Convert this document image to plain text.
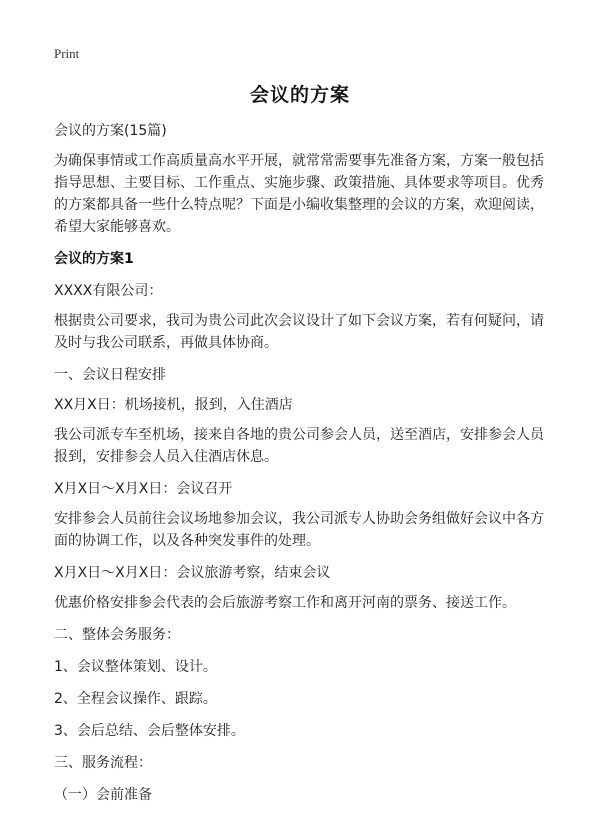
Print
会议的方案
会议的方案(15篇)

为确保事情或工作高质量高水平开展，就常常需要事先准备方案，方案一般包括指导思想、主要目标、工作重点、实施步骤、政策措施、具体要求等项目。优秀的方案都具备一些什么特点呢？下面是小编收集整理的会议的方案，欢迎阅读，希望大家能够喜欢。

会议的方案1

XXXX有限公司：

根据贵公司要求，我司为贵公司此次会议设计了如下会议方案，若有何疑问，请及时与我公司联系，再做具体协商。

一、会议日程安排

XX月X日：机场接机，报到，入住酒店

我公司派专车至机场，接来自各地的贵公司参会人员，送至酒店，安排参会人员报到，安排参会人员入住酒店休息。

X月X日～X月X日：会议召开

安排参会人员前往会议场地参加会议，我公司派专人协助会务组做好会议中各方面的协调工作，以及各种突发事件的处理。

X月X日～X月X日：会议旅游考察，结束会议

优惠价格安排参会代表的会后旅游考察工作和离开河南的票务、接送工作。

二、整体会务服务：

1、会议整体策划、设计。

2、全程会议操作、跟踪。

3、会后总结、会后整体安排。

三、服务流程：

（一）会前准备
